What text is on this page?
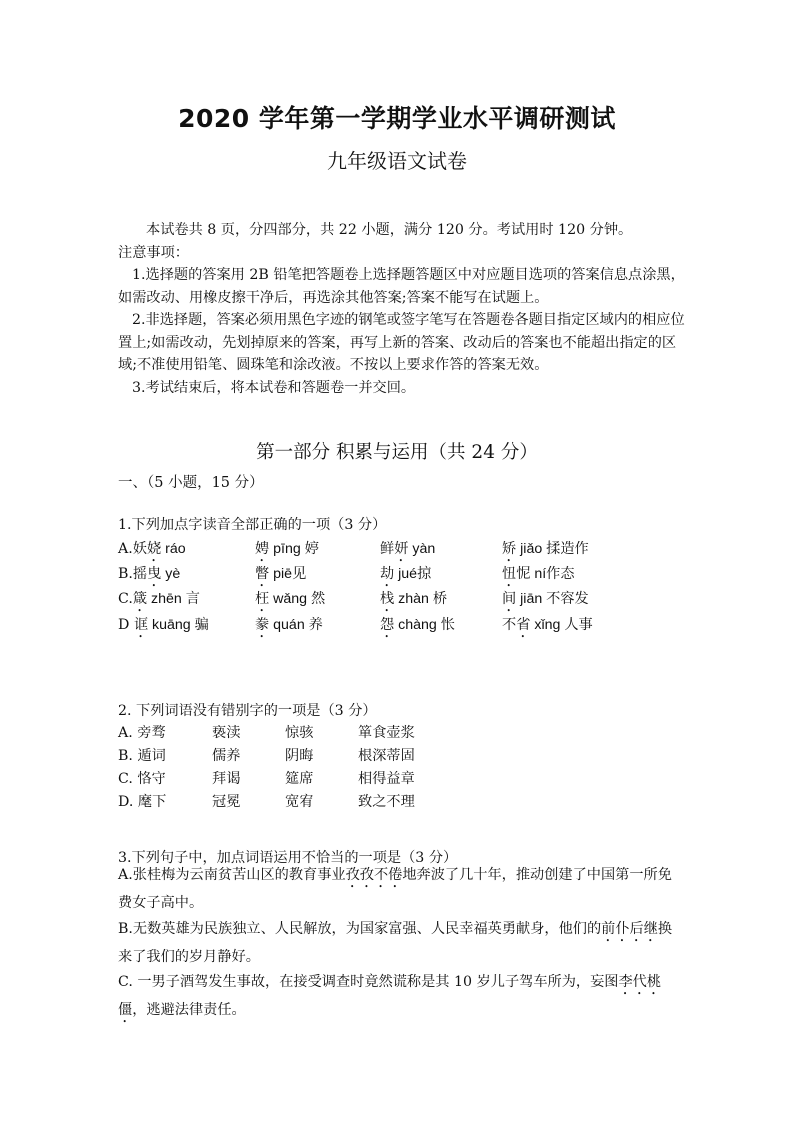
2020 学年第一学期学业水平调研测试
九年级语文试卷

本试卷共 8 页，分四部分，共 22 小题，满分 120 分。考试用时 120 分钟。

注意事项：

1.选择题的答案用 2B 铅笔把答题卷上选择题答题区中对应题目选项的答案信息点涂黑，如需改动、用橡皮擦干净后，再选涂其他答案;答案不能写在试题上。

2.非选择题，答案必须用黑色字迹的钢笔或签字笔写在答题卷各题目指定区域内的相应位置上;如需改动，先划掉原来的答案，再写上新的答案、改动后的答案也不能超出指定的区域;不准使用铅笔、圆珠笔和涂改液。不按以上要求作答的答案无效。

3.考试结束后，将本试卷和答题卷一并交回。

第一部分 积累与运用（共 24 分）
一、（5 小题，15 分）
1.下列加点字读音全部正确的一项（3 分）
A.妖娆 ráo	娉 pīng 婷	鲜妍 yàn	矫 jiǎo 揉造作
B.摇曳 yè	瞥 piē见	劫 jué掠	忸怩 ní作态
C.箴 zhēn 言	枉 wǎng 然	栈 zhàn 桥	间 jiān 不容发
D 诓 kuāng 骗	豢 quán 养	怨 chàng 怅	不省 xǐng 人事
2. 下列词语没有错别字的一项是（3 分）
A. 旁骛	亵渎	惊骇	箪食壶浆
B. 遁词	儒养	阴晦	根深蒂固
C. 恪守	拜谒	筵席	相得益章
D. 麾下	冠冕	宽宥	致之不理
3.下列句子中，加点词语运用不恰当的一项是（3 分）

A.张桂梅为云南贫苦山区的教育事业孜孜不倦地奔波了几十年，推动创建了中国第一所免费女子高中。

B.无数英雄为民族独立、人民解放，为国家富强、人民幸福英勇献身，他们的前仆后继换来了我们的岁月静好。

C. 一男子酒驾发生事故，在接受调查时竟然谎称是其 10 岁儿子驾车所为，妄图李代桃僵，逃避法律责任。
